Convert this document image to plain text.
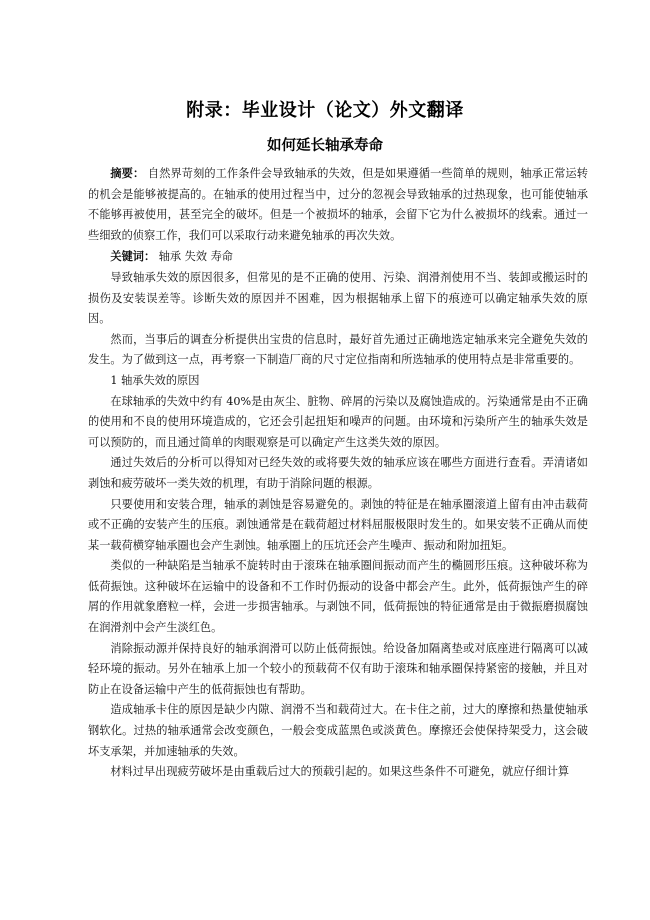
附录：毕业设计（论文）外文翻译
如何延长轴承寿命

摘要： 自然界苛刻的工作条件会导致轴承的失效，但是如果遵循一些简单的规则，轴承正常运转的机会是能够被提高的。在轴承的使用过程当中，过分的忽视会导致轴承的过热现象，也可能使轴承不能够再被使用，甚至完全的破坏。但是一个被损坏的轴承，会留下它为什么被损坏的线索。通过一些细致的侦察工作，我们可以采取行动来避免轴承的再次失效。

关键词： 轴承 失效 寿命

导致轴承失效的原因很多，但常见的是不正确的使用、污染、润滑剂使用不当、装卸或搬运时的损伤及安装误差等。诊断失效的原因并不困难，因为根据轴承上留下的痕迹可以确定轴承失效的原因。

然而，当事后的调查分析提供出宝贵的信息时，最好首先通过正确地选定轴承来完全避免失效的发生。为了做到这一点，再考察一下制造厂商的尺寸定位指南和所选轴承的使用特点是非常重要的。

1 轴承失效的原因

在球轴承的失效中约有 40%是由灰尘、脏物、碎屑的污染以及腐蚀造成的。污染通常是由不正确的使用和不良的使用环境造成的，它还会引起扭矩和噪声的问题。由环境和污染所产生的轴承失效是可以预防的，而且通过简单的肉眼观察是可以确定产生这类失效的原因。

通过失效后的分析可以得知对已经失效的或将要失效的轴承应该在哪些方面进行查看。弄清诸如剥蚀和疲劳破坏一类失效的机理，有助于消除问题的根源。

只要使用和安装合理，轴承的剥蚀是容易避免的。剥蚀的特征是在轴承圈滚道上留有由冲击载荷或不正确的安装产生的压痕。剥蚀通常是在载荷超过材料屈服极限时发生的。如果安装不正确从而使某一载荷横穿轴承圈也会产生剥蚀。轴承圈上的压坑还会产生噪声、振动和附加扭矩。

类似的一种缺陷是当轴承不旋转时由于滚珠在轴承圈间振动而产生的椭圆形压痕。这种破坏称为低荷振蚀。这种破坏在运输中的设备和不工作时仍振动的设备中都会产生。此外，低荷振蚀产生的碎屑的作用就象磨粒一样，会进一步损害轴承。与剥蚀不同，低荷振蚀的特征通常是由于微振磨损腐蚀在润滑剂中会产生淡红色。

消除振动源并保持良好的轴承润滑可以防止低荷振蚀。给设备加隔离垫或对底座进行隔离可以减轻环境的振动。另外在轴承上加一个较小的预载荷不仅有助于滚珠和轴承圈保持紧密的接触，并且对防止在设备运输中产生的低荷振蚀也有帮助。

造成轴承卡住的原因是缺少内隙、润滑不当和载荷过大。在卡住之前，过大的摩擦和热量使轴承钢软化。过热的轴承通常会改变颜色，一般会变成蓝黑色或淡黄色。摩擦还会使保持架受力，这会破坏支承架，并加速轴承的失效。

材料过早出现疲劳破坏是由重载后过大的预载引起的。如果这些条件不可避免，就应仔细计算
